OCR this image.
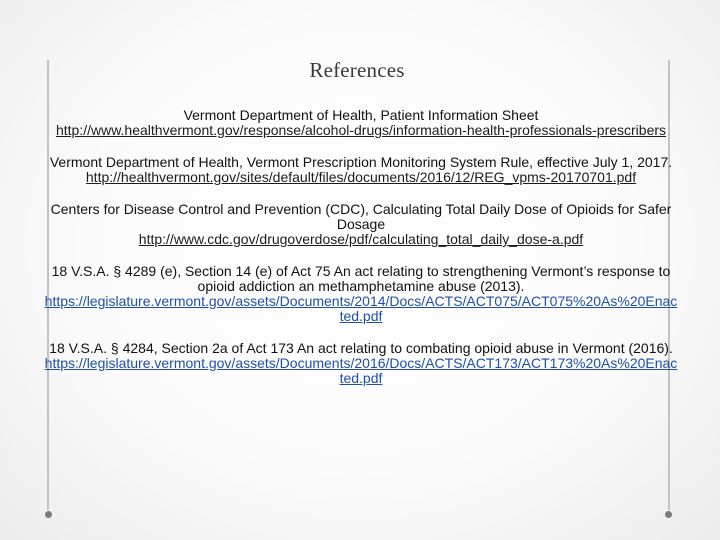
References
Vermont Department of Health, Patient Information Sheet
http://www.healthvermont.gov/response/alcohol-drugs/information-health-professionals-prescribers
Vermont Department of Health, Vermont Prescription Monitoring System Rule, effective July 1, 2017.
http://healthvermont.gov/sites/default/files/documents/2016/12/REG_vpms-20170701.pdf
Centers for Disease Control and Prevention (CDC), Calculating Total Daily Dose of Opioids for Safer Dosage
http://www.cdc.gov/drugoverdose/pdf/calculating_total_daily_dose-a.pdf
18 V.S.A. § 4289 (e), Section 14 (e) of Act 75 An act relating to strengthening Vermont’s response to opioid addiction an methamphetamine abuse (2013).
https://legislature.vermont.gov/assets/Documents/2014/Docs/ACTS/ACT075/ACT075%20As%20Enacted.pdf
18 V.S.A. § 4284, Section 2a of Act 173 An act relating to combating opioid abuse in Vermont (2016).
https://legislature.vermont.gov/assets/Documents/2016/Docs/ACTS/ACT173/ACT173%20As%20Enacted.pdf
